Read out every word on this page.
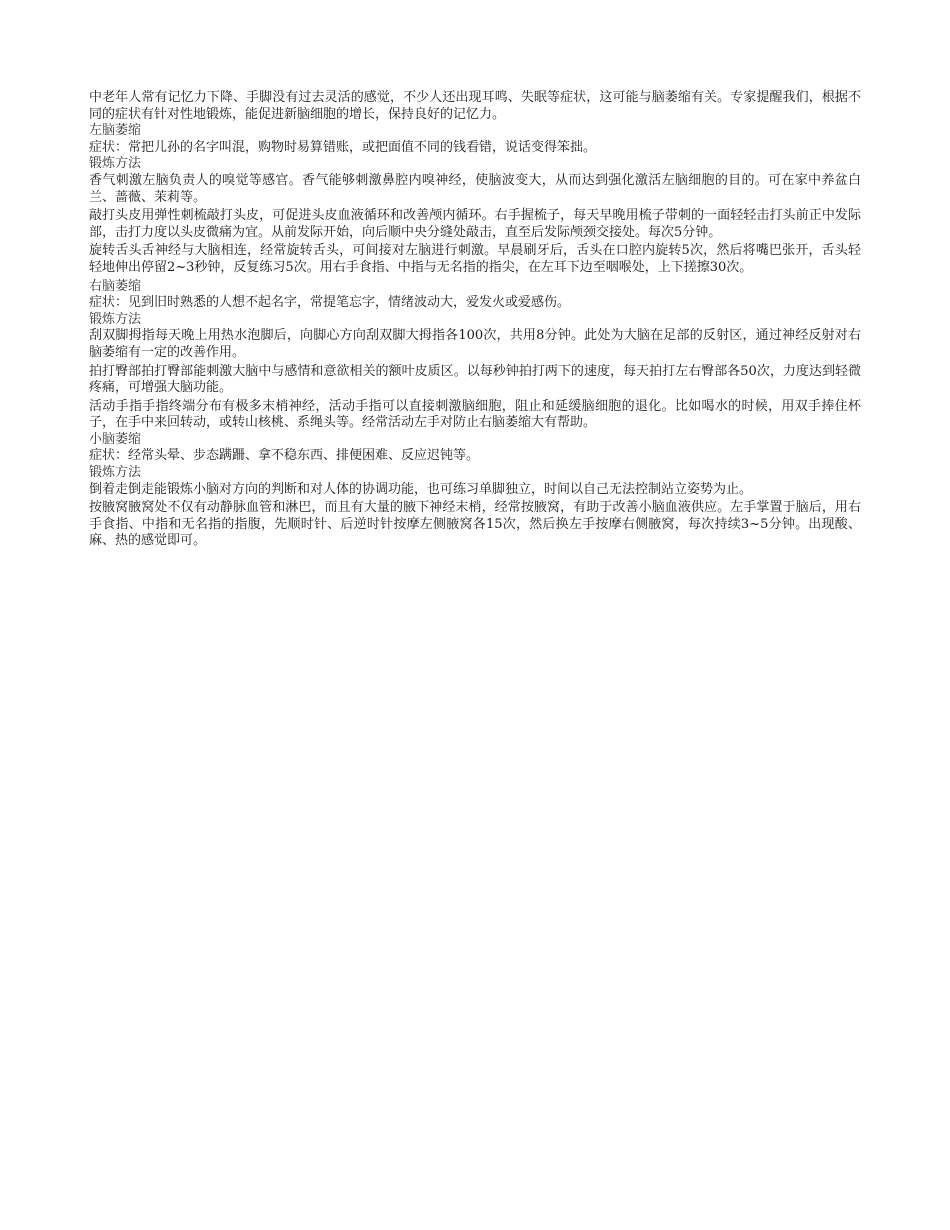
中老年人常有记忆力下降、手脚没有过去灵活的感觉，不少人还出现耳鸣、失眠等症状，这可能与脑萎缩有关。专家提醒我们，根据不同的症状有针对性地锻炼，能促进新脑细胞的增长，保持良好的记忆力。

左脑萎缩

症状：常把儿孙的名字叫混，购物时易算错账，或把面值不同的钱看错，说话变得笨拙。

锻炼方法

香气刺激左脑负责人的嗅觉等感官。香气能够刺激鼻腔内嗅神经，使脑波变大，从而达到强化激活左脑细胞的目的。可在家中养盆白兰、蔷薇、茉莉等。

敲打头皮用弹性刺梳敲打头皮，可促进头皮血液循环和改善颅内循环。右手握梳子，每天早晚用梳子带刺的一面轻轻击打头前正中发际部，击打力度以头皮微痛为宜。从前发际开始，向后顺中央分缝处敲击，直至后发际颅颈交接处。每次5分钟。

旋转舌头舌神经与大脑相连，经常旋转舌头，可间接对左脑进行刺激。早晨刷牙后，舌头在口腔内旋转5次，然后将嘴巴张开，舌头轻轻地伸出停留2~3秒钟，反复练习5次。用右手食指、中指与无名指的指尖，在左耳下边至咽喉处，上下搓擦30次。

右脑萎缩

症状：见到旧时熟悉的人想不起名字，常提笔忘字，情绪波动大，爱发火或爱感伤。

锻炼方法

刮双脚拇指每天晚上用热水泡脚后，向脚心方向刮双脚大拇指各100次，共用8分钟。此处为大脑在足部的反射区，通过神经反射对右脑萎缩有一定的改善作用。

拍打臀部拍打臀部能刺激大脑中与感情和意欲相关的额叶皮质区。以每秒钟拍打两下的速度，每天拍打左右臀部各50次，力度达到轻微疼痛，可增强大脑功能。

活动手指手指终端分布有极多末梢神经，活动手指可以直接刺激脑细胞，阻止和延缓脑细胞的退化。比如喝水的时候，用双手捧住杯子，在手中来回转动，或转山核桃、系绳头等。经常活动左手对防止右脑萎缩大有帮助。

小脑萎缩

症状：经常头晕、步态蹒跚、拿不稳东西、排便困难、反应迟钝等。

锻炼方法

倒着走倒走能锻炼小脑对方向的判断和对人体的协调功能，也可练习单脚独立，时间以自己无法控制站立姿势为止。

按腋窝腋窝处不仅有动静脉血管和淋巴，而且有大量的腋下神经末梢，经常按腋窝，有助于改善小脑血液供应。左手掌置于脑后，用右手食指、中指和无名指的指腹，先顺时针、后逆时针按摩左侧腋窝各15次，然后换左手按摩右侧腋窝，每次持续3~5分钟。出现酸、麻、热的感觉即可。
